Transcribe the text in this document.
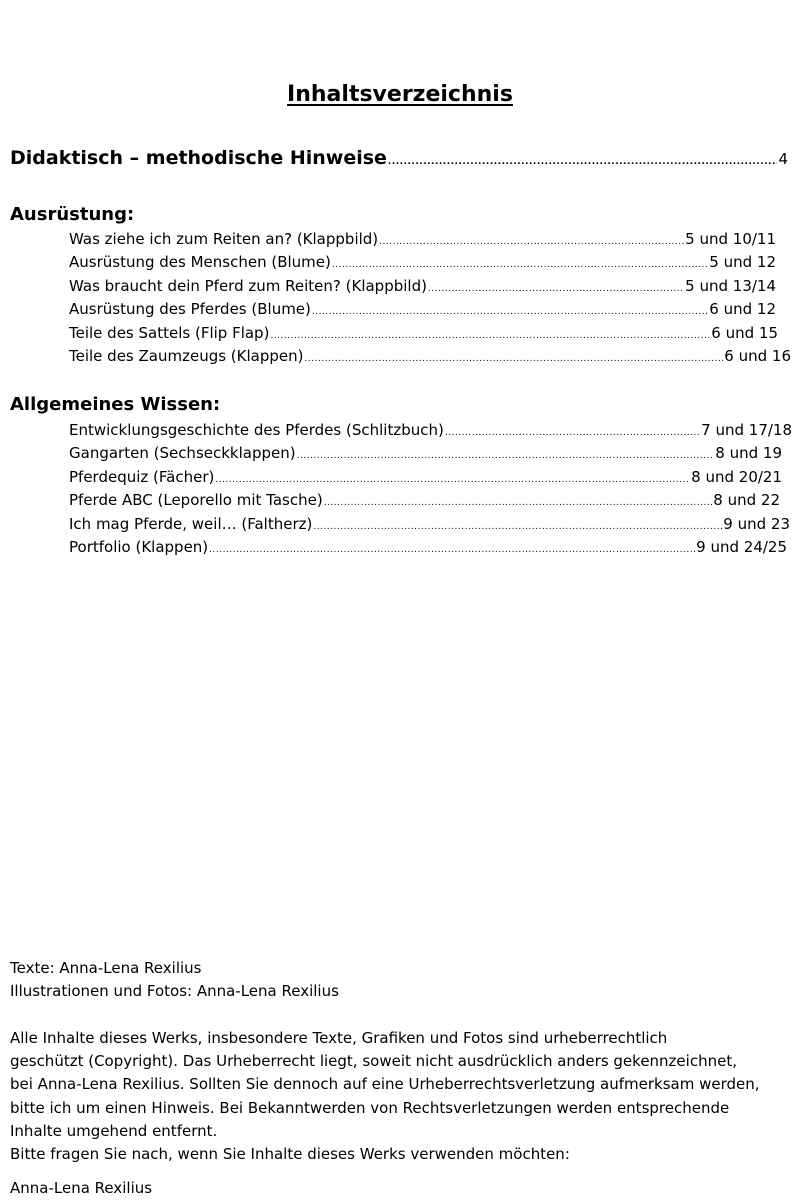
Inhaltsverzeichnis
Didaktisch – methodische Hinweise .....	4
Ausrüstung:
Was ziehe ich zum Reiten an? (Klappbild) .....	5 und 10/11
Ausrüstung des Menschen (Blume) .....	5 und 12
Was braucht dein Pferd zum Reiten? (Klappbild) .....	5 und 13/14
Ausrüstung des Pferdes (Blume) .....	6 und 12
Teile des Sattels (Flip Flap) .....	6 und 15
Teile des Zaumzeugs (Klappen) .....	6 und 16
Allgemeines Wissen:
Entwicklungsgeschichte des Pferdes (Schlitzbuch) .....	7 und 17/18
Gangarten (Sechseckklappen) .....	8 und 19
Pferdequiz (Fächer) .....	8 und 20/21
Pferde ABC (Leporello mit Tasche) .....	8 und 22
Ich mag Pferde, weil… (Faltherz) .....	9 und 23
Portfolio (Klappen) .....	9 und 24/25

Texte: Anna-Lena Rexilius

Illustrationen und Fotos: Anna-Lena Rexilius

Alle Inhalte dieses Werks, insbesondere Texte, Grafiken und Fotos sind urheberrechtlich

geschützt (Copyright). Das Urheberrecht liegt, soweit nicht ausdrücklich anders gekennzeichnet,

bei Anna-Lena Rexilius. Sollten Sie dennoch auf eine Urheberrechtsverletzung aufmerksam werden,

bitte ich um einen Hinweis. Bei Bekanntwerden von Rechtsverletzungen werden entsprechende

Inhalte umgehend entfernt.

Bitte fragen Sie nach, wenn Sie Inhalte dieses Werks verwenden möchten:

Anna-Lena Rexilius
